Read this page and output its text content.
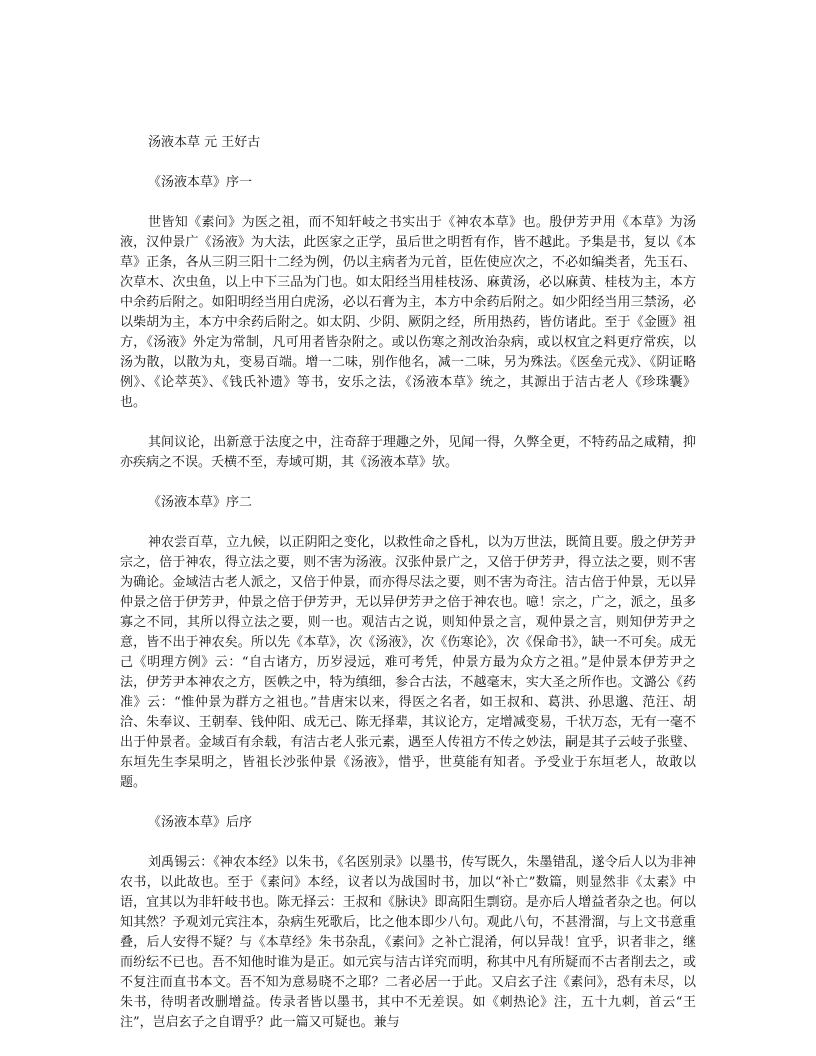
汤液本草 元 王好古

《汤液本草》序一

世皆知《素问》为医之祖，而不知轩岐之书实出于《神农本草》也。殷伊芳尹用《本草》为汤液，汉仲景广《汤液》为大法，此医家之正学，虽后世之明哲有作，皆不越此。予集是书，复以《本草》正条，各从三阴三阳十二经为例，仍以主病者为元首，臣佐使应次之，不必如编类者，先玉石、次草木、次虫鱼，以上中下三品为门也。如太阳经当用桂枝汤、麻黄汤，必以麻黄、桂枝为主，本方中余药后附之。如阳明经当用白虎汤，必以石膏为主，本方中余药后附之。如少阳经当用三禁汤，必以柴胡为主，本方中余药后附之。如太阴、少阴、厥阴之经，所用热药，皆仿诸此。至于《金匮》祖方，《汤液》外定为常制，凡可用者皆杂附之。或以伤寒之剂改治杂病，或以权宜之料更疗常疾，以汤为散，以散为丸，变易百端。增一二味，别作他名，减一二味，另为殊法。《医垒元戎》、《阴证略例》、《论萃英》、《钱氏补遗》等书，安乐之法，《汤液本草》统之，其源出于洁古老人《珍珠囊》也。

其间议论，出新意于法度之中，注奇辞于理趣之外，见闻一得，久弊全更，不特药品之咸精，抑亦疾病之不误。夭横不至，寿域可期，其《汤液本草》欤。

《汤液本草》序二

神农尝百草，立九候，以正阴阳之变化，以救性命之昏札，以为万世法，既简且要。殷之伊芳尹宗之，倍于神农，得立法之要，则不害为汤液。汉张仲景广之，又倍于伊芳尹，得立法之要，则不害为确论。金域洁古老人派之，又倍于仲景，而亦得尽法之要，则不害为奇注。洁古倍于仲景，无以异仲景之倍于伊芳尹，仲景之倍于伊芳尹，无以异伊芳尹之倍于神农也。噫！宗之，广之，派之，虽多寡之不同，其所以得立法之要，则一也。观洁古之说，则知仲景之言，观仲景之言，则知伊芳尹之意，皆不出于神农矣。所以先《本草》，次《汤液》，次《伤寒论》，次《保命书》，缺一不可矣。成无己《明理方例》云：“自古诸方，历岁浸远，难可考凭，仲景方最为众方之祖。”是仲景本伊芳尹之法，伊芳尹本神农之方，医帙之中，特为缜细，参合古法，不越毫末，实大圣之所作也。文潞公《药准》云：“惟仲景为群方之祖也。”昔唐宋以来，得医之名者，如王叔和、葛洪、孙思邈、范汪、胡洽、朱奉议、王朝奉、钱仲阳、成无己、陈无择辈，其议论方，定增减变易，千状万态，无有一毫不出于仲景者。金域百有余载，有洁古老人张元素，遇至人传祖方不传之妙法，嗣是其子云岐子张璧、东垣先生李杲明之，皆祖长沙张仲景《汤液》，惜乎，世莫能有知者。予受业于东垣老人，故敢以题。

《汤液本草》后序

刘禹锡云：《神农本经》以朱书，《名医别录》以墨书，传写既久，朱墨错乱，遂令后人以为非神农书，以此故也。至于《素问》本经，议者以为战国时书，加以“补亡”数篇，则显然非《太素》中语，宜其以为非轩岐书也。陈无择云：王叔和《脉诀》即高阳生剽窃。是亦后人增益者杂之也。何以知其然？予观刘元宾注本，杂病生死歌后，比之他本即少八句。观此八句，不甚滑溜，与上文书意重叠，后人安得不疑？与《本草经》朱书杂乱，《素问》之补亡混淆，何以异哉！宜乎，识者非之，继而纷纭不已也。吾不知他时谁为是正。如元宾与洁古详究而明，称其中凡有所疑而不古者削去之，或不复注而直书本文。吾不知为意易晓不之耶？二者必居一于此。又启玄子注《素问》，恐有未尽，以朱书，待明者改删增益。传录者皆以墨书，其中不无差误。如《刺热论》注，五十九刺，首云“王注”，岂启玄子之自谓乎？此一篇又可疑也。兼与
